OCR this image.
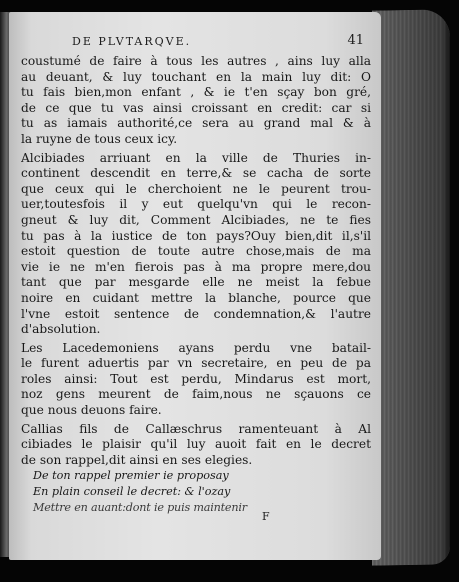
DE PLVTARQVE.	41
coustumé de faire à tous les autres , ains luy alla
au deuant, & luy touchant en la main luy dit: O
tu fais bien,mon enfant , & ie t'en sçay bon gré,
de ce que tu vas ainsi croissant en credit: car si
tu as iamais authorité,ce sera au grand mal & à
la ruyne de tous ceux icy.
Alcibiades arriuant en la ville de Thuries in-
continent descendit en terre,& se cacha de sorte
que ceux qui le cherchoient ne le peurent trou-
uer,toutesfois il y eut quelqu'vn qui le recon-
gneut & luy dit, Comment Alcibiades, ne te fies
tu pas à la iustice de ton pays?Ouy bien,dit il,s'il
estoit question de toute autre chose,mais de ma
vie ie ne m'en fierois pas à ma propre mere,dou
tant que par mesgarde elle ne meist la febue
noire en cuidant mettre la blanche, pource que
l'vne estoit sentence de condemnation,& l'autre
d'absolution.
Les Lacedemoniens ayans perdu vne batail-
le furent aduertis par vn secretaire, en peu de pa
roles ainsi: Tout est perdu, Mindarus est mort,
noz gens meurent de faim,nous ne sçauons ce
que nous deuons faire.
Callias fils de Callæschrus ramenteuant à Al
cibiades le plaisir qu'il luy auoit fait en le decret
de son rappel,dit ainsi en ses elegies.
De ton rappel premier ie proposay
En plain conseil le decret: & l'ozay
Mettre en auant:dont ie puis maintenir
F
